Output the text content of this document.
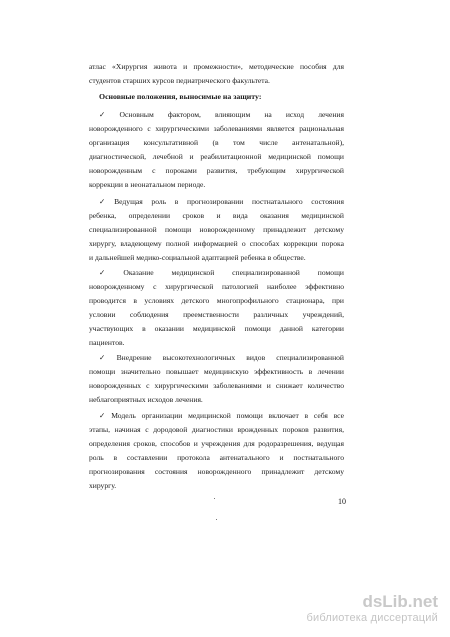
атлас «Хирургия живота и промежности», методические пособия для
студентов старших курсов педиатрического факультета.
Основные положения, выносимые на защиту:
✓ Основным фактором, влияющим на исход лечения
новорожденного с хирургическими заболеваниями является рациональная
организация консультативной (в том числе антенатальной),
диагностической, лечебной и реабилитационной медицинской помощи
новорожденным с пороками развития, требующим хирургической
коррекции в неонатальном периоде.
✓ Ведущая роль в прогнозировании постнатального состояния
ребенка, определении сроков и вида оказания медицинской
специализированной помощи новорожденному принадлежит детскому
хирургу, владеющему полной информацией о способах коррекции порока
и дальнейшей медико-социальной адаптацией ребенка в обществе.
✓ Оказание медицинской специализированной помощи
новорожденному с хирургической патологией наиболее эффективно
проводится в условиях детского многопрофильного стационара, при
условии соблюдения преемственности различных учреждений,
участвующих в оказании медицинской помощи данной категории
пациентов.
✓ Внедрение высокотехнологичных видов специализированной
помощи значительно повышает медицинскую эффективность в лечении
новорожденных с хирургическими заболеваниями и снижает количество
неблагоприятных исходов лечения.
✓ Модель организации медицинской помощи включает в себя все
этапы, начиная с дородовой диагностики врожденных пороков развития,
определения сроков, способов и учреждения для родоразрешения, ведущая
роль в составлении протокола антенатального и постнатального
прогнозирования состояния новорожденного принадлежит детскому
хирургу.
10
dsLib.net
библиотека диссертаций
